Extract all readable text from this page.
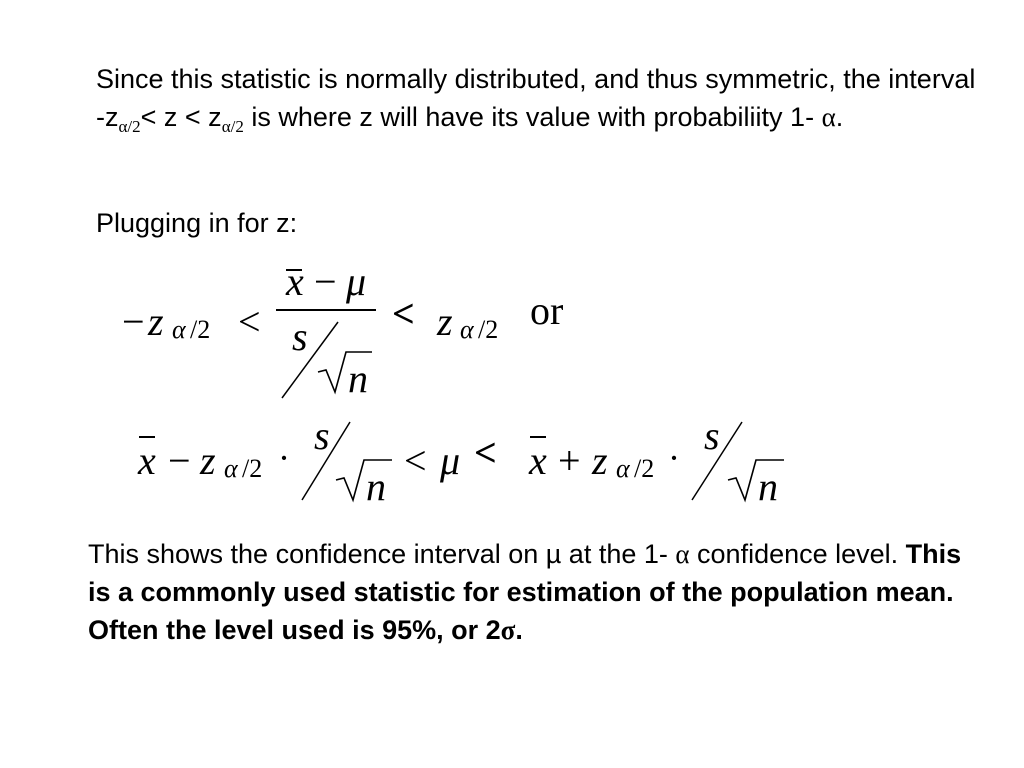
Since this statistic is normally distributed, and thus symmetric, the interval $-z_{\alpha/2}< z < z_{\alpha/2}$ is where z will have its value with probabiliity 1- α.

Plugging in for z:

− z α /2 <
x − μ
s
n
< z α /2 or
x − z α /2 · s
n
< μ < x + z α /2 · s
n

This shows the confidence interval on µ at the 1- α confidence level. This is a commonly used statistic for estimation of the population mean. Often the level used is 95%, or 2σ.
